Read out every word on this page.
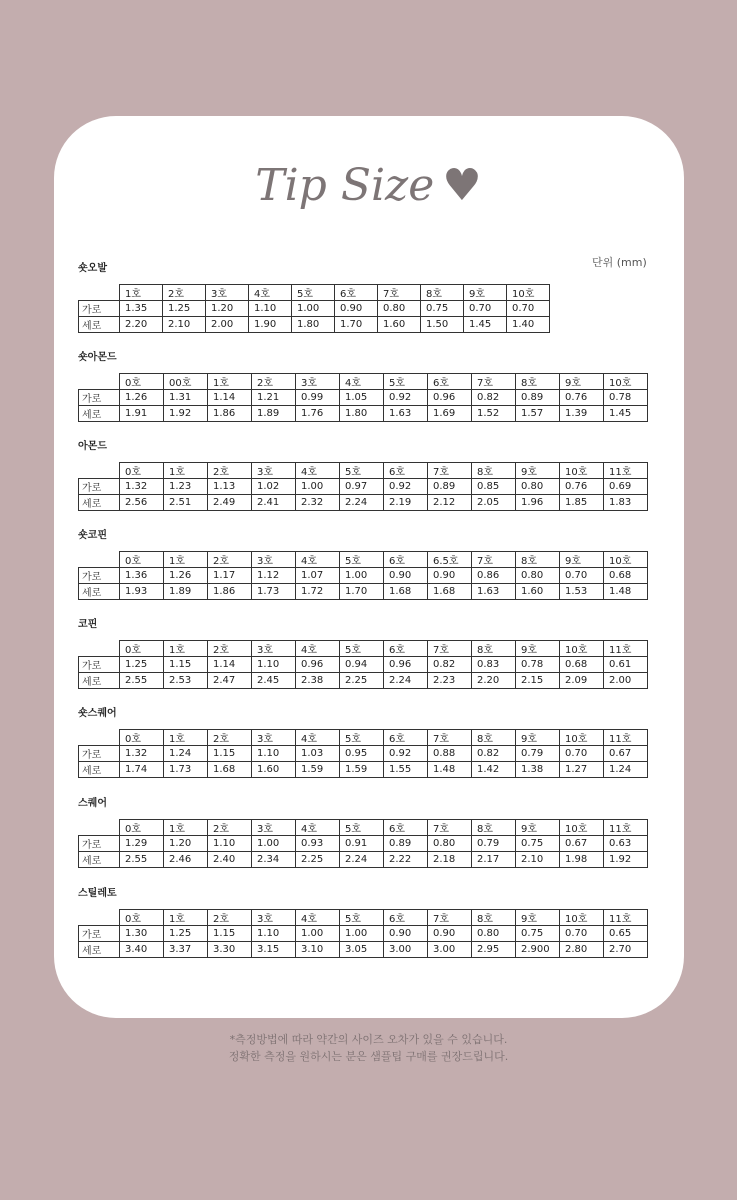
Tip Size ♥
단위 (mm)
숏오발
	1호	2호	3호	4호	5호	6호	7호	8호	9호	10호
가로	1.35	1.25	1.20	1.10	1.00	0.90	0.80	0.75	0.70	0.70
세로	2.20	2.10	2.00	1.90	1.80	1.70	1.60	1.50	1.45	1.40
숏아몬드
	0호	00호	1호	2호	3호	4호	5호	6호	7호	8호	9호	10호
가로	1.26	1.31	1.14	1.21	0.99	1.05	0.92	0.96	0.82	0.89	0.76	0.78
세로	1.91	1.92	1.86	1.89	1.76	1.80	1.63	1.69	1.52	1.57	1.39	1.45
아몬드
	0호	1호	2호	3호	4호	5호	6호	7호	8호	9호	10호	11호
가로	1.32	1.23	1.13	1.02	1.00	0.97	0.92	0.89	0.85	0.80	0.76	0.69
세로	2.56	2.51	2.49	2.41	2.32	2.24	2.19	2.12	2.05	1.96	1.85	1.83
숏코핀
	0호	1호	2호	3호	4호	5호	6호	6.5호	7호	8호	9호	10호
가로	1.36	1.26	1.17	1.12	1.07	1.00	0.90	0.90	0.86	0.80	0.70	0.68
세로	1.93	1.89	1.86	1.73	1.72	1.70	1.68	1.68	1.63	1.60	1.53	1.48
코핀
	0호	1호	2호	3호	4호	5호	6호	7호	8호	9호	10호	11호
가로	1.25	1.15	1.14	1.10	0.96	0.94	0.96	0.82	0.83	0.78	0.68	0.61
세로	2.55	2.53	2.47	2.45	2.38	2.25	2.24	2.23	2.20	2.15	2.09	2.00
숏스퀘어
	0호	1호	2호	3호	4호	5호	6호	7호	8호	9호	10호	11호
가로	1.32	1.24	1.15	1.10	1.03	0.95	0.92	0.88	0.82	0.79	0.70	0.67
세로	1.74	1.73	1.68	1.60	1.59	1.59	1.55	1.48	1.42	1.38	1.27	1.24
스퀘어
	0호	1호	2호	3호	4호	5호	6호	7호	8호	9호	10호	11호
가로	1.29	1.20	1.10	1.00	0.93	0.91	0.89	0.80	0.79	0.75	0.67	0.63
세로	2.55	2.46	2.40	2.34	2.25	2.24	2.22	2.18	2.17	2.10	1.98	1.92
스틸레토
	0호	1호	2호	3호	4호	5호	6호	7호	8호	9호	10호	11호
가로	1.30	1.25	1.15	1.10	1.00	1.00	0.90	0.90	0.80	0.75	0.70	0.65
세로	3.40	3.37	3.30	3.15	3.10	3.05	3.00	3.00	2.95	2.900	2.80	2.70
*측정방법에 따라 약간의 사이즈 오차가 있을 수 있습니다.
정확한 측정을 원하시는 분은 샘플팁 구매를 권장드립니다.
